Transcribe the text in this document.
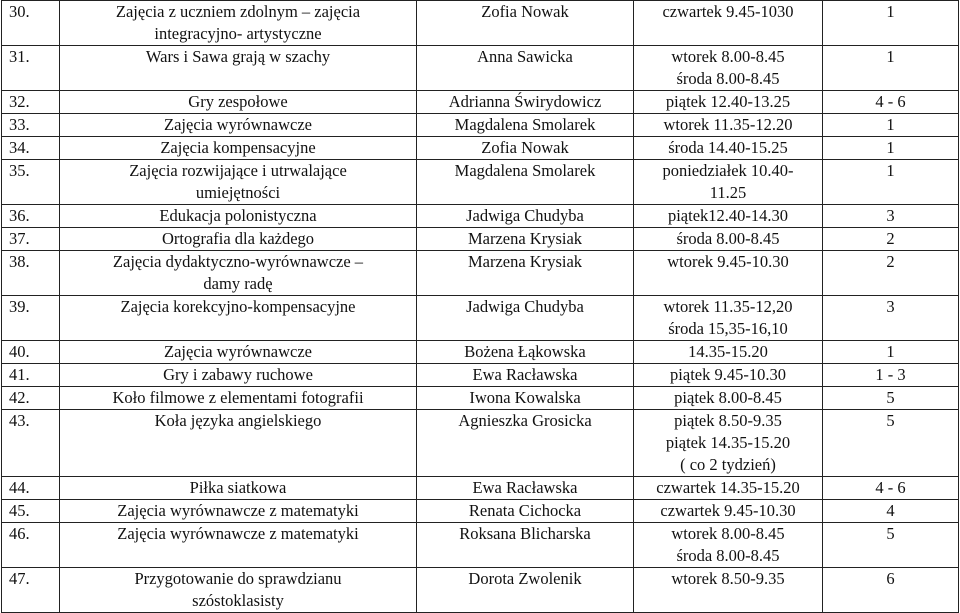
30.	Zajęcia z uczniem zdolnym – zajęcia
integracyjno- artystyczne	Zofia Nowak	czwartek 9.45-1030	1
31.	Wars i Sawa grają w szachy	Anna Sawicka	wtorek 8.00-8.45
środa 8.00-8.45	1
32.	Gry zespołowe	Adrianna Świrydowicz	piątek 12.40-13.25	4 - 6
33.	Zajęcia wyrównawcze	Magdalena Smolarek	wtorek 11.35-12.20	1
34.	Zajęcia kompensacyjne	Zofia Nowak	środa 14.40-15.25	1
35.	Zajęcia rozwijające i utrwalające
umiejętności	Magdalena Smolarek	poniedziałek 10.40-
11.25	1
36.	Edukacja polonistyczna	Jadwiga Chudyba	piątek12.40-14.30	3
37.	Ortografia dla każdego	Marzena Krysiak	środa 8.00-8.45	2
38.	Zajęcia dydaktyczno-wyrównawcze –
damy radę	Marzena Krysiak	wtorek 9.45-10.30	2
39.	Zajęcia korekcyjno-kompensacyjne	Jadwiga Chudyba	wtorek 11.35-12,20
środa 15,35-16,10	3
40.	Zajęcia wyrównawcze	Bożena Łąkowska	14.35-15.20	1
41.	Gry i zabawy ruchowe	Ewa Racławska	piątek 9.45-10.30	1 - 3
42.	Koło filmowe z elementami fotografii	Iwona Kowalska	piątek 8.00-8.45	5
43.	Koła języka angielskiego	Agnieszka Grosicka	piątek 8.50-9.35
piątek 14.35-15.20
( co 2 tydzień)	5
44.	Piłka siatkowa	Ewa Racławska	czwartek 14.35-15.20	4 - 6
45.	Zajęcia wyrównawcze z matematyki	Renata Cichocka	czwartek 9.45-10.30	4
46.	Zajęcia wyrównawcze z matematyki	Roksana Blicharska	wtorek 8.00-8.45
środa 8.00-8.45	5
47.	Przygotowanie do sprawdzianu
szóstoklasisty	Dorota Zwolenik	wtorek 8.50-9.35	6
